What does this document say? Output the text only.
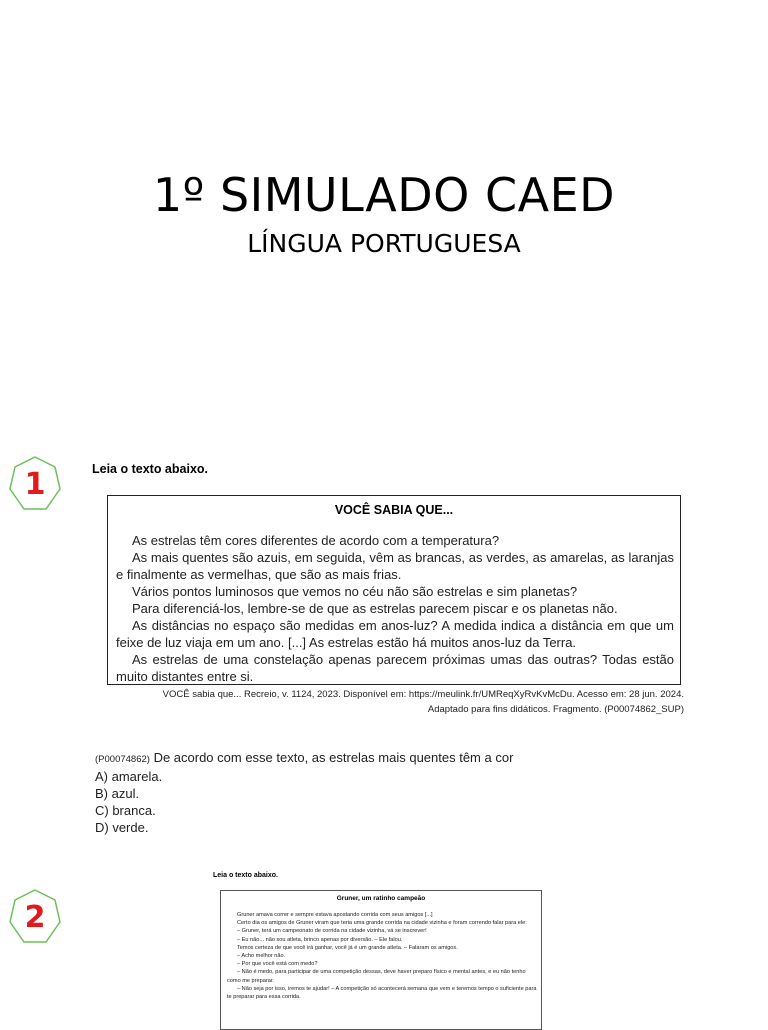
1º SIMULADO CAED
LÍNGUA PORTUGUESA
1	Leia o texto abaixo.
VOCÊ SABIA QUE...

As estrelas têm cores diferentes de acordo com a temperatura?

As mais quentes são azuis, em seguida, vêm as brancas, as verdes, as amarelas, as laranjas e finalmente as vermelhas, que são as mais frias.

Vários pontos luminosos que vemos no céu não são estrelas e sim planetas?

Para diferenciá-los, lembre-se de que as estrelas parecem piscar e os planetas não.

As distâncias no espaço são medidas em anos-luz? A medida indica a distância em que um feixe de luz viaja em um ano. [...] As estrelas estão há muitos anos-luz da Terra.

As estrelas de uma constelação apenas parecem próximas umas das outras? Todas estão muito distantes entre si.

VOCÊ sabia que... Recreio, v. 1124, 2023. Disponível em: https://meulink.fr/UMReqXyRvKvMcDu. Acesso em: 28 jun. 2024.
Adaptado para fins didáticos. Fragmento. (P00074862_SUP)
(P00074862) De acordo com esse texto, as estrelas mais quentes têm a cor
A) amarela.
B) azul.
C) branca.
D) verde.
2
Leia o texto abaixo.
Gruner, um ratinho campeão

Gruner amava correr e sempre estava apostando corrida com seus amigos [...]

Certo dia os amigos de Gruner viram que teria uma grande corrida na cidade vizinha e foram correndo falar para ele:

– Gruner, terá um campeonato de corrida na cidade vizinha, vá se inscrever!

– Eu não... não sou atleta, brinco apenas por diversão. – Ele falou.

Temos certeza de que você irá ganhar, você já é um grande atleta. – Falaram os amigos.

– Acho melhor não.

– Por que você está com medo?

– Não é medo, para participar de uma competição dessas, deve haver preparo físico e mental antes, e eu não tenho como me preparar.

– Não seja por isso, iremos te ajudar! – A competição só acontecerá semana que vem e teremos tempo o suficiente para te preparar para essa corrida.
